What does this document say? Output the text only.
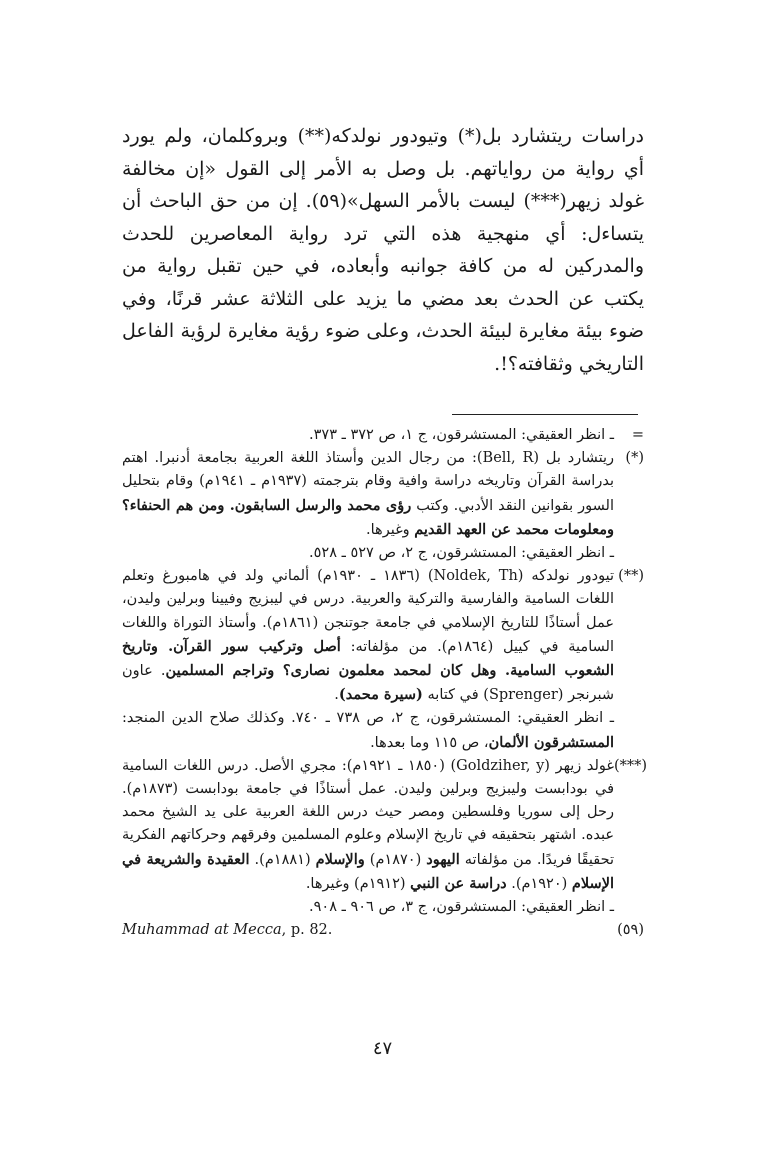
دراسات ريتشارد بل(*) وتيودور نولدكه(**) وبروكلمان، ولم يورد أي رواية من رواياتهم. بل وصل به الأمر إلى القول «إن مخالفة غولد زيهر(***) ليست بالأمر السهل»(٥٩). إن من حق الباحث أن يتساءل: أي منهجية هذه التي ترد رواية المعاصرين للحدث والمدركين له من كافة جوانبه وأبعاده، في حين تقبل رواية من يكتب عن الحدث بعد مضي ما يزيد على الثلاثة عشر قرنًا، وفي ضوء بيئة مغايرة لبيئة الحدث، وعلى ضوء رؤية مغايرة لرؤية الفاعل التاريخي وثقافته؟!.

=

ـ انظر العقيقي: المستشرقون، ج ١، ص ٣٧٢ ـ ٣٧٣.

(*)

ريتشارد بل (Bell, R): من رجال الدين وأستاذ اللغة العربية بجامعة أدنبرا. اهتم بدراسة القرآن وتاريخه دراسة وافية وقام بترجمته (١٩٣٧م ـ ١٩٤١م) وقام بتحليل السور بقوانين النقد الأدبي. وكتب رؤى محمد والرسل السابقون. ومن هم الحنفاء؟ ومعلومات محمد عن العهد القديم وغيرها.

ـ انظر العقيقي: المستشرقون، ج ٢، ص ٥٢٧ ـ ٥٢٨.

(**)

تيودور نولدكه (Noldek, Th) (١٨٣٦ ـ ١٩٣٠م) ألماني ولد في هامبورغ وتعلم اللغات السامية والفارسية والتركية والعربية. درس في ليبزيج وفيينا وبرلين وليدن، عمل أستاذًا للتاريخ الإسلامي في جامعة جوتنجن (١٨٦١م). وأستاذ التوراة واللغات السامية في كييل (١٨٦٤م). من مؤلفاته: أصل وتركيب سور القرآن. وتاريخ الشعوب السامية. وهل كان لمحمد معلمون نصارى؟ وتراجم المسلمين. عاون شبرنجر (Sprenger) في كتابه (سيرة محمد).

ـ انظر العقيقي: المستشرقون، ج ٢، ص ٧٣٨ ـ ٧٤٠. وكذلك صلاح الدين المنجد: المستشرقون الألمان، ص ١١٥ وما بعدها.

(***)

غولد زيهر (Goldziher, y) (١٨٥٠ ـ ١٩٢١م): مجري الأصل. درس اللغات السامية في بودابست وليبزيج وبرلين وليدن. عمل أستاذًا في جامعة بودابست (١٨٧٣م). رحل إلى سوريا وفلسطين ومصر حيث درس اللغة العربية على يد الشيخ محمد عبده. اشتهر بتحقيقه في تاريخ الإسلام وعلوم المسلمين وفرقهم وحركاتهم الفكرية تحقيقًا فريدًا. من مؤلفاته اليهود (١٨٧٠م) والإسلام (١٨٨١م). العقيدة والشريعة في الإسلام (١٩٢٠م). دراسة عن النبي (١٩١٢م) وغيرها.

ـ انظر العقيقي: المستشرقون، ج ٣، ص ٩٠٦ ـ ٩٠٨.

(٥٩)

Muhammad at Mecca, p. 82.

٤٧
